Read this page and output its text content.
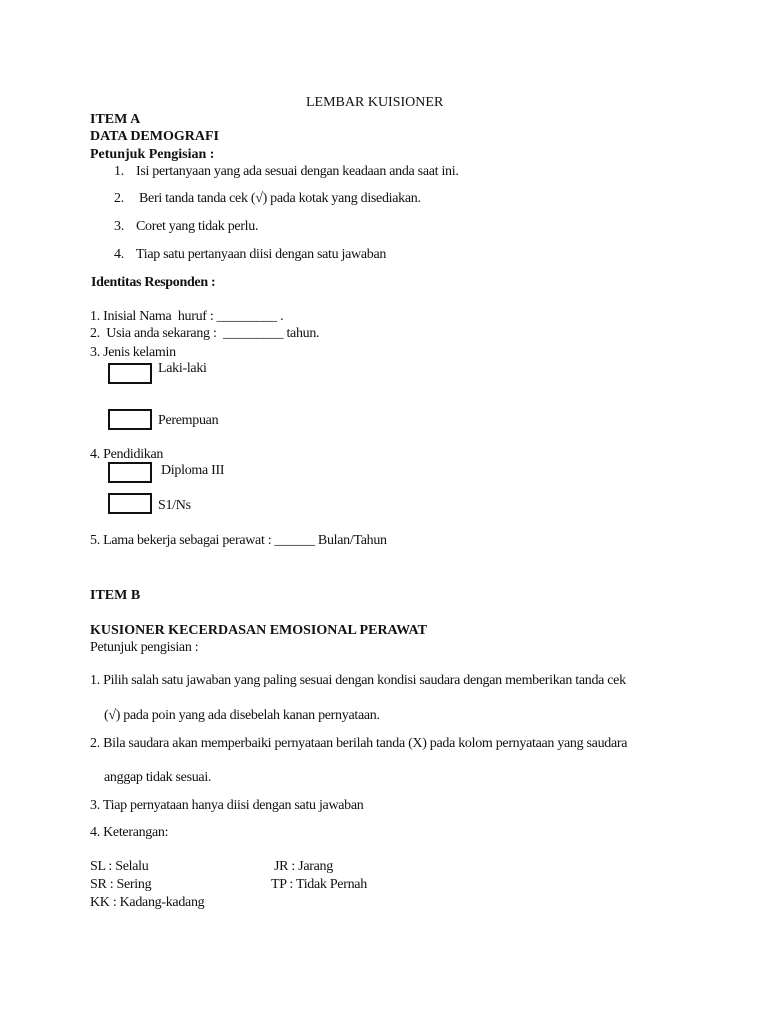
LEMBAR KUISIONER
ITEM A
DATA DEMOGRAFI
Petunjuk Pengisian :
1. Isi pertanyaan yang ada sesuai dengan keadaan anda saat ini.
2. Beri tanda tanda cek (√) pada kotak yang disediakan.
3. Coret yang tidak perlu.
4. Tiap satu pertanyaan diisi dengan satu jawaban
Identitas Responden :
1. Inisial Nama  huruf : _________ .
2.  Usia anda sekarang :  _________ tahun.
3. Jenis kelamin
Laki-laki
Perempuan
4. Pendidikan
Diploma III
S1/Ns
5. Lama bekerja sebagai perawat : ______ Bulan/Tahun
ITEM B
KUSIONER KECERDASAN EMOSIONAL PERAWAT
Petunjuk pengisian :
1. Pilih salah satu jawaban yang paling sesuai dengan kondisi saudara dengan memberikan tanda cek
(√) pada poin yang ada disebelah kanan pernyataan.
2. Bila saudara akan memperbaiki pernyataan berilah tanda (X) pada kolom pernyataan yang saudara
anggap tidak sesuai.
3. Tiap pernyataan hanya diisi dengan satu jawaban
4. Keterangan:
SL : Selalu	JR : Jarang
SR : Sering	TP : Tidak Pernah
KK : Kadang-kadang
